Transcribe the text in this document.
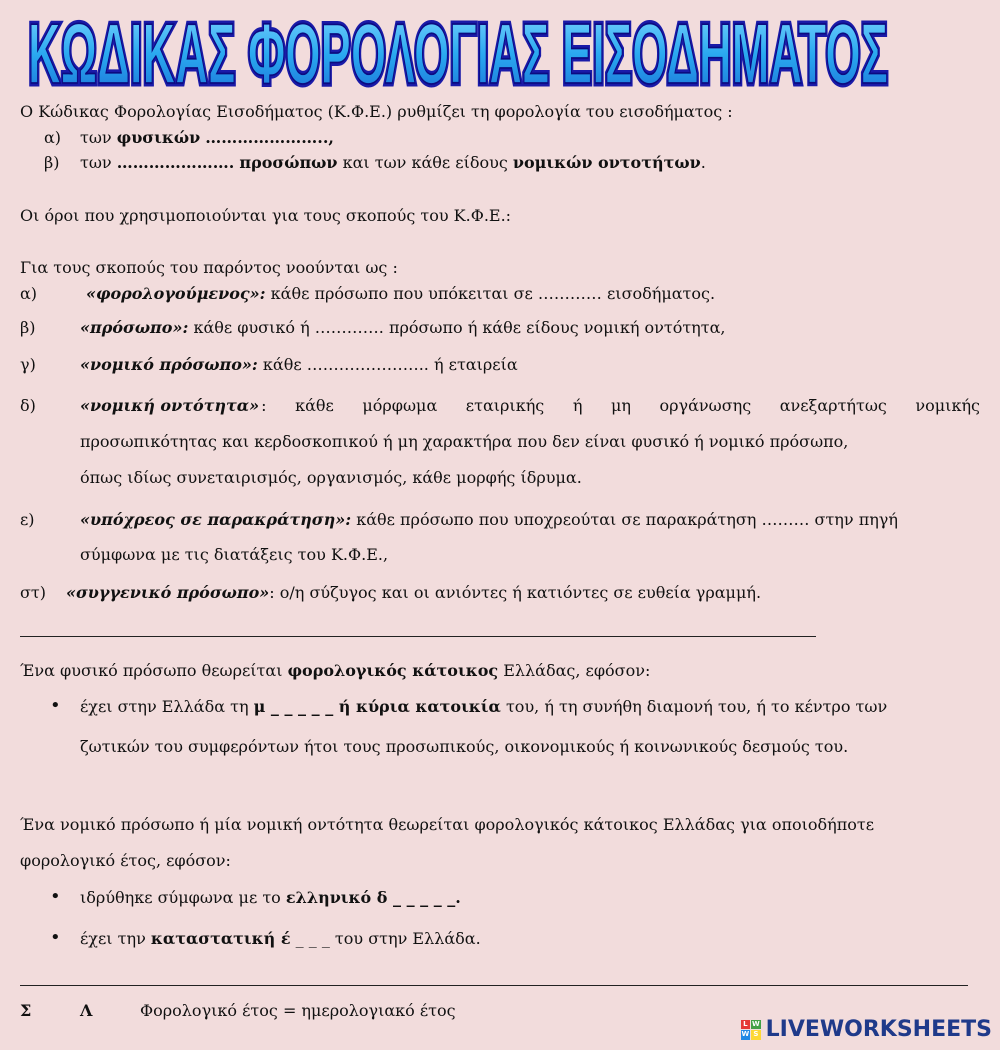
ΚΩΔΙΚΑΣ ΦΟΡΟΛΟΓΙΑΣ ΕΙΣΟΔΗΜΑΤΟΣ
ΚΩΔΙΚΑΣ ΦΟΡΟΛΟΓΙΑΣ ΕΙΣΟΔΗΜΑΤΟΣ
Ο Κώδικας Φορολογίας Εισοδήματος (Κ.Φ.Ε.) ρυθμίζει τη φορολογία του εισοδήματος :
α) των φυσικών …………………..,
β) των …………………. προσώπων και των κάθε είδους νομικών οντοτήτων.
Οι όροι που χρησιμοποιούνται για τους σκοπούς του Κ.Φ.Ε.:
Για τους σκοπούς του παρόντος νοούνται ως :
α)	«φορολογούμενος»: κάθε πρόσωπο που υπόκειται σε ………… εισοδήματος.
β)	«πρόσωπο»: κάθε φυσικό ή …………. πρόσωπο ή κάθε είδους νομική οντότητα,
γ)	«νομικό πρόσωπο»: κάθε ………………….. ή εταιρεία
δ)	«νομική οντότητα» : κάθε μόρφωμα εταιρικής ή μη οργάνωσης ανεξαρτήτως νομικής
προσωπικότητας και κερδοσκοπικού ή μη χαρακτήρα που δεν είναι φυσικό ή νομικό πρόσωπο,
όπως ιδίως συνεταιρισμός, οργανισμός, κάθε μορφής ίδρυμα.
ε)	«υπόχρεος σε παρακράτηση»: κάθε πρόσωπο που υποχρεούται σε παρακράτηση ……… στην πηγή
σύμφωνα με τις διατάξεις του Κ.Φ.Ε.,
στ) «συγγενικό πρόσωπο»: ο/η σύζυγος και οι ανιόντες ή κατιόντες σε ευθεία γραμμή.
Ένα φυσικό πρόσωπο θεωρείται φορολογικός κάτοικος Ελλάδας, εφόσον:
• έχει στην Ελλάδα τη μ _ _ _ _ _ ή κύρια κατοικία του, ή τη συνήθη διαμονή του, ή το κέντρο των
ζωτικών του συμφερόντων ήτοι τους προσωπικούς, οικονομικούς ή κοινωνικούς δεσμούς του.
Ένα νομικό πρόσωπο ή μία νομική οντότητα θεωρείται φορολογικός κάτοικος Ελλάδας για οποιοδήποτε
φορολογικό έτος, εφόσον:
• ιδρύθηκε σύμφωνα με το ελληνικό δ _ _ _ _ _.
• έχει την καταστατική έ _ _ _ του στην Ελλάδα.
Σ	Λ	Φορολογικό έτος = ημερολογιακό έτος
L W
W S LIVEWORKSHEETS
